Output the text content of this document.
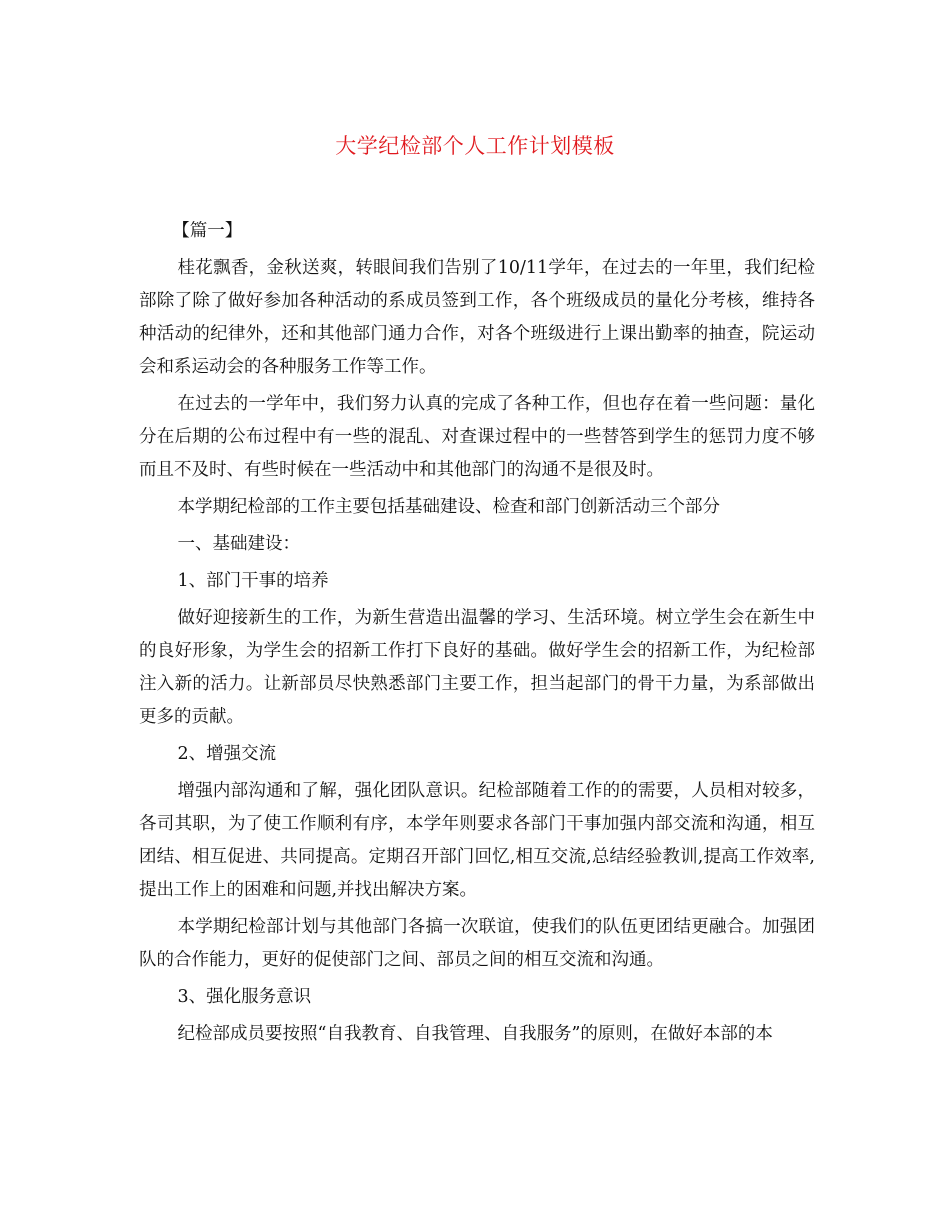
大学纪检部个人工作计划模板

【篇一】

桂花飘香，金秋送爽，转眼间我们告别了10/11学年，在过去的一年里，我们纪检部除了除了做好参加各种活动的系成员签到工作，各个班级成员的量化分考核，维持各种活动的纪律外，还和其他部门通力合作，对各个班级进行上课出勤率的抽查，院运动会和系运动会的各种服务工作等工作。

在过去的一学年中，我们努力认真的完成了各种工作，但也存在着一些问题：量化分在后期的公布过程中有一些的混乱、对查课过程中的一些替答到学生的惩罚力度不够而且不及时、有些时候在一些活动中和其他部门的沟通不是很及时。

本学期纪检部的工作主要包括基础建设、检查和部门创新活动三个部分

一、基础建设：

1、部门干事的培养

做好迎接新生的工作，为新生营造出温馨的学习、生活环境。树立学生会在新生中的良好形象，为学生会的招新工作打下良好的基础。做好学生会的招新工作，为纪检部注入新的活力。让新部员尽快熟悉部门主要工作，担当起部门的骨干力量，为系部做出更多的贡献。

2、增强交流

增强内部沟通和了解，强化团队意识。纪检部随着工作的的需要，人员相对较多，各司其职，为了使工作顺利有序，本学年则要求各部门干事加强内部交流和沟通，相互团结、相互促进、共同提高。定期召开部门回忆,相互交流,总结经验教训,提高工作效率,提出工作上的困难和问题,并找出解决方案。

本学期纪检部计划与其他部门各搞一次联谊，使我们的队伍更团结更融合。加强团队的合作能力，更好的促使部门之间、部员之间的相互交流和沟通。

3、强化服务意识

纪检部成员要按照“自我教育、自我管理、自我服务”的原则，在做好本部的本
